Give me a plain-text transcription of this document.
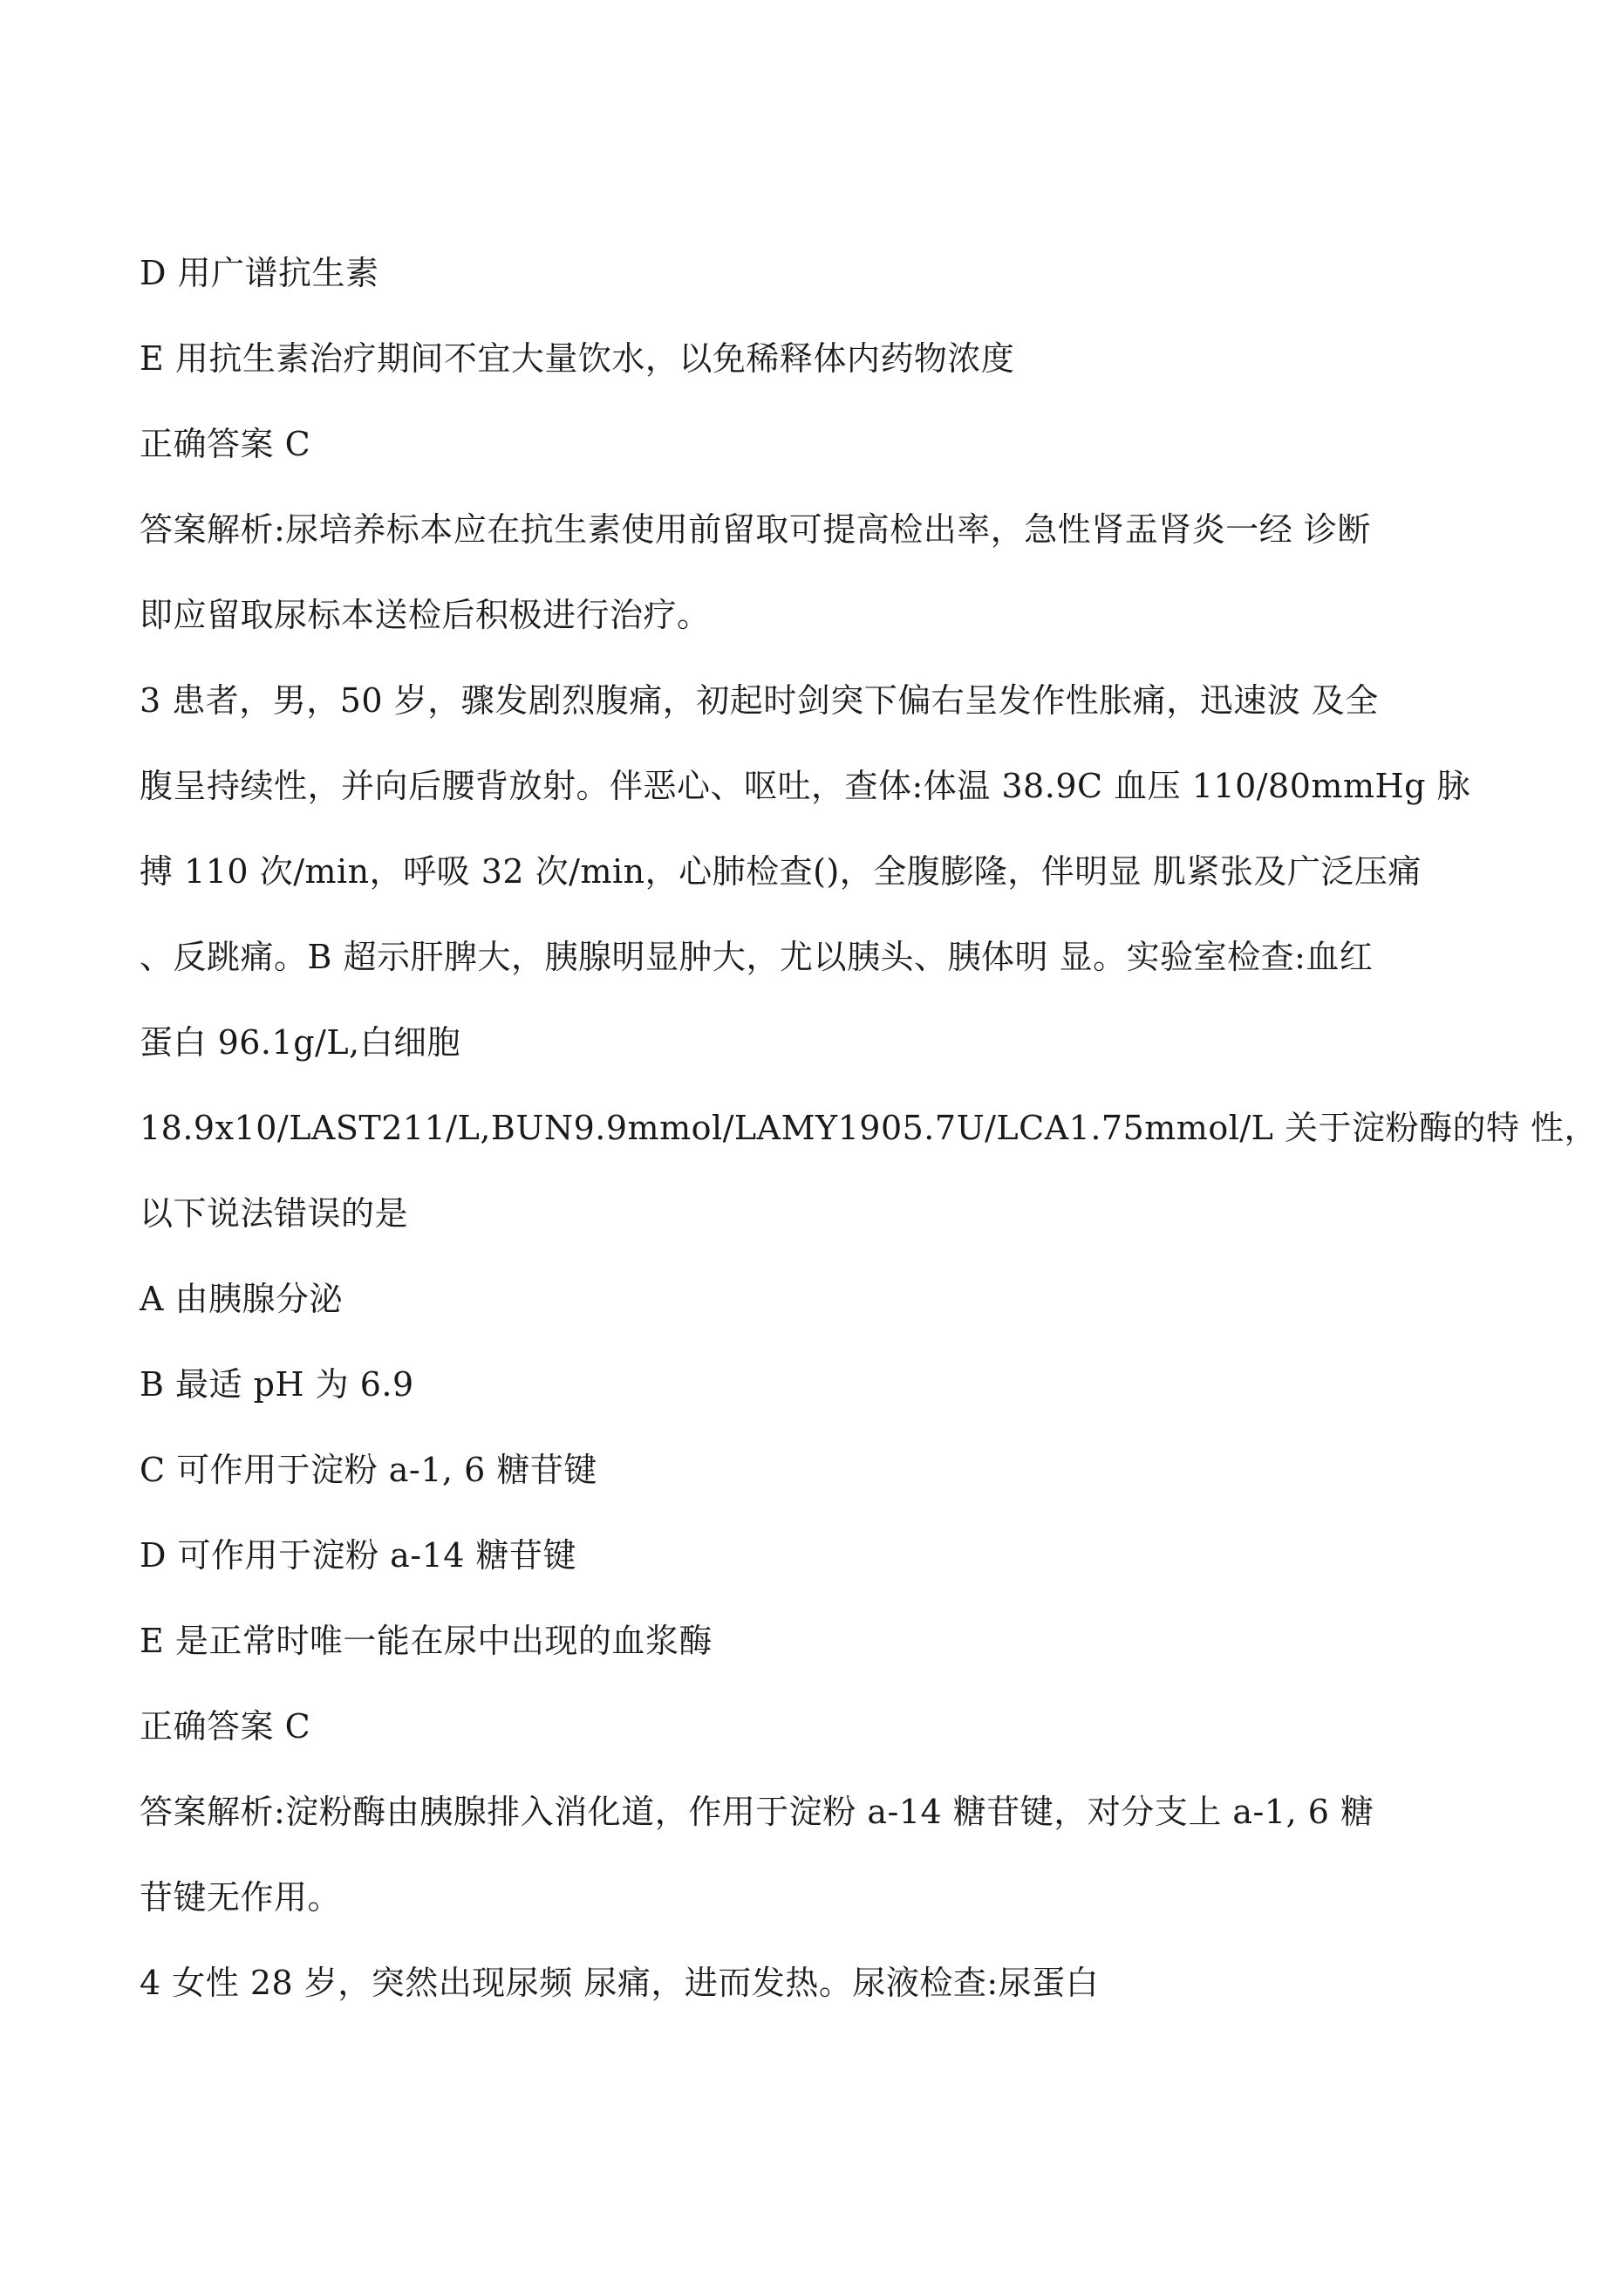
D 用广谱抗生素
E 用抗生素治疗期间不宜大量饮水，以免稀释体内药物浓度
正确答案 C
答案解析:尿培养标本应在抗生素使用前留取可提高检出率，急性肾盂肾炎一经 诊断
即应留取尿标本送检后积极进行治疗。
3 患者，男，50 岁，骤发剧烈腹痛，初起时剑突下偏右呈发作性胀痛，迅速波 及全
腹呈持续性，并向后腰背放射。伴恶心、呕吐，查体:体温 38.9C 血压 110/80mmHg 脉
搏 110 次/min，呼吸 32 次/min，心肺检查()，全腹膨隆，伴明显 肌紧张及广泛压痛
、反跳痛。B 超示肝脾大，胰腺明显肿大，尤以胰头、胰体明 显。实验室检查:血红
蛋白 96.1g/L,白细胞
18.9x10/LAST211/L,BUN9.9mmol/LAMY1905.7U/LCA1.75mmol/L 关于淀粉酶的特 性，
以下说法错误的是
A 由胰腺分泌
B 最适 pH 为 6.9
C 可作用于淀粉 a-1, 6 糖苷键
D 可作用于淀粉 a-14 糖苷键
E 是正常时唯一能在尿中出现的血浆酶
正确答案 C
答案解析:淀粉酶由胰腺排入消化道，作用于淀粉 a-14 糖苷键，对分支上 a-1, 6 糖
苷键无作用。
4 女性 28 岁，突然出现尿频 尿痛，进而发热。尿液检查:尿蛋白
